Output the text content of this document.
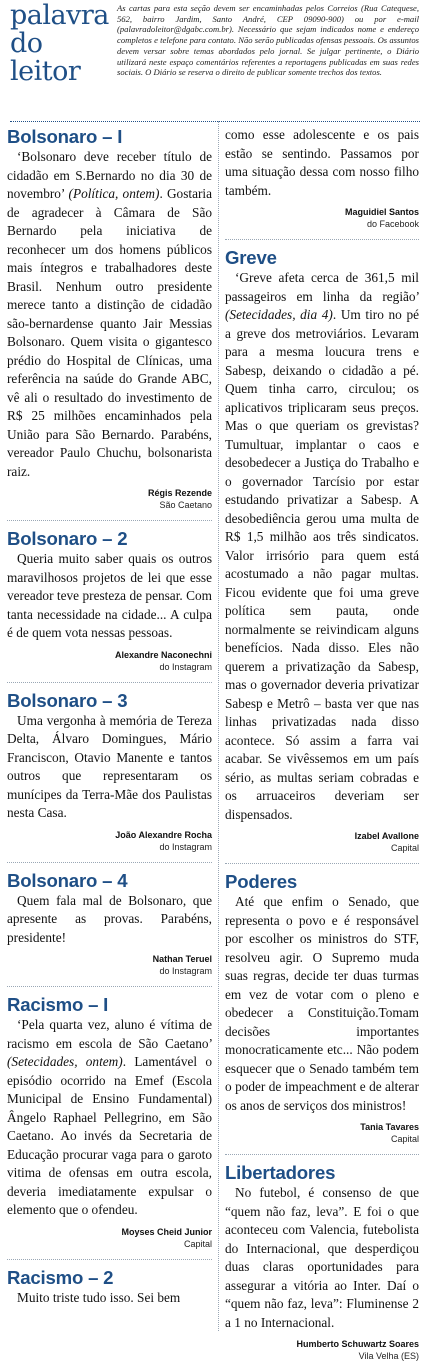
palavra
do leitor
As cartas para esta seção devem ser encaminhadas pelos Correios (Rua Catequese, 562, bairro Jardim, Santo André, CEP 09090-900) ou por e-mail (palavradoleitor@dgabc.com.br). Necessário que sejam indicados nome e endereço completos e telefone para contato. Não serão publicadas ofensas pessoais. Os assuntos devem versar sobre temas abordados pelo jornal. Se julgar pertinente, o Diário utilizará neste espaço comentários referentes a reportagens publicadas em suas redes sociais. O Diário se reserva o direito de publicar somente trechos dos textos.
Bolsonaro – I

‘Bolsonaro deve receber título de cidadão em S.Bernardo no dia 30 de novembro’ (Política, ontem). Gostaria de agradecer à Câmara de São Bernardo pela iniciativa de reconhecer um dos homens públicos mais íntegros e trabalhadores deste Brasil. Nenhum outro presidente merece tanto a distinção de cidadão são-bernardense quanto Jair Messias Bolsonaro. Quem visita o gigantesco prédio do Hospital de Clínicas, uma referência na saúde do Grande ABC, vê ali o resultado do investimento de R$ 25 milhões encaminhados pela União para São Bernardo. Parabéns, vereador Paulo Chuchu, bolsonarista raiz.

Régis Rezende
São Caetano
Bolsonaro – 2

Queria muito saber quais os outros maravilhosos projetos de lei que esse vereador teve presteza de pensar. Com tanta necessidade na cidade... A culpa é de quem vota nessas pessoas.

Alexandre Naconechni
do Instagram
Bolsonaro – 3

Uma vergonha à memória de Tereza Delta, Álvaro Domingues, Mário Franciscon, Otavio Manente e tantos outros que representaram os munícipes da Terra-Mãe dos Paulistas nesta Casa.

João Alexandre Rocha
do Instagram
Bolsonaro – 4

Quem fala mal de Bolsonaro, que apresente as provas. Parabéns, presidente!

Nathan Teruel
do Instagram
Racismo – I

‘Pela quarta vez, aluno é vítima de racismo em escola de São Caetano’ (Setecidades, ontem). Lamentável o episódio ocorrido na Emef (Escola Municipal de Ensino Fundamental) Ângelo Raphael Pellegrino, em São Caetano. Ao invés da Secretaria de Educação procurar vaga para o garoto vitima de ofensas em outra escola, deveria imediatamente expulsar o elemento que o ofendeu.

Moyses Cheid Junior
Capital
Racismo – 2

Muito triste tudo isso. Sei bem

como esse adolescente e os pais estão se sentindo. Passamos por uma situação dessa com nosso filho também.

Maguidiel Santos
do Facebook
Greve

‘Greve afeta cerca de 361,5 mil passageiros em linha da região’ (Setecidades, dia 4). Um tiro no pé a greve dos metroviários. Levaram para a mesma loucura trens e Sabesp, deixando o cidadão a pé. Quem tinha carro, circulou; os aplicativos triplicaram seus preços. Mas o que queriam os grevistas? Tumultuar, implantar o caos e desobedecer a Justiça do Trabalho e o governador Tarcísio por estar estudando privatizar a Sabesp. A desobediência gerou uma multa de R$ 1,5 milhão aos três sindicatos. Valor irrisório para quem está acostumado a não pagar multas. Ficou evidente que foi uma greve política sem pauta, onde normalmente se reivindicam alguns benefícios. Nada disso. Eles não querem a privatização da Sabesp, mas o governador deveria privatizar Sabesp e Metrô – basta ver que nas linhas privatizadas nada disso acontece. Só assim a farra vai acabar. Se vivêssemos em um país sério, as multas seriam cobradas e os arruaceiros deveriam ser dispensados.

Izabel Avallone
Capital
Poderes

Até que enfim o Senado, que representa o povo e é responsável por escolher os ministros do STF, resolveu agir. O Supremo muda suas regras, decide ter duas turmas em vez de votar com o pleno e obedecer a Constituição.Tomam decisões importantes monocraticamente etc... Não podem esquecer que o Senado também tem o poder de impeachment e de alterar os anos de serviços dos ministros!

Tania Tavares
Capital
Libertadores

No futebol, é consenso de que “quem não faz, leva”. E foi o que aconteceu com Valencia, futebolista do Internacional, que desperdiçou duas claras oportunidades para assegurar a vitória ao Inter. Daí o “quem não faz, leva”: Fluminense 2 a 1 no Internacional.

Humberto Schuwartz Soares
Vila Velha (ES)
